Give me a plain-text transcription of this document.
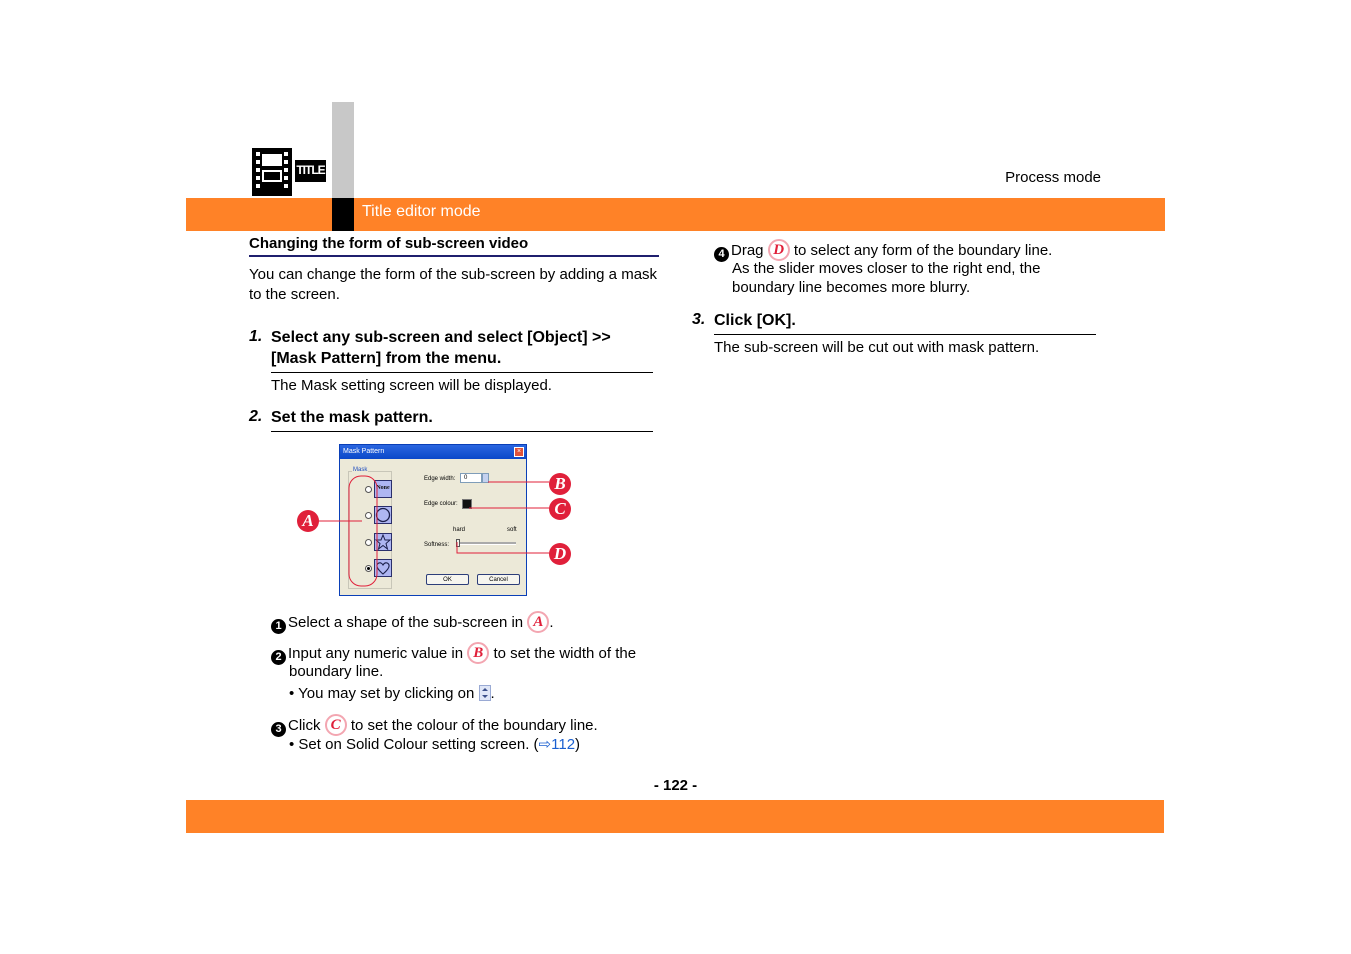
TITLE	Process mode
Title editor mode
Changing the form of sub-screen video
You can change the form of the sub-screen by adding a mask to the screen.
1. Select any sub-screen and select [Object] >>
[Mask Pattern] from the menu.
The Mask setting screen will be displayed.
2. Set the mask pattern.
Mask Pattern	×
Mask
None
Edge width:	0
Edge colour:
hard	soft
Softness:
OK	Cancel
A
B
C
D
1 Select a shape of the sub-screen in A .
2 Input any numeric value in B to set the width of the
boundary line.
• You may set by clicking on .
3 Click C to set the colour of the boundary line.
• Set on Solid Colour setting screen. (⇨112)
4 Drag D to select any form of the boundary line.
As the slider moves closer to the right end, the
boundary line becomes more blurry.
3. Click [OK].
The sub-screen will be cut out with mask pattern.
- 122 -
